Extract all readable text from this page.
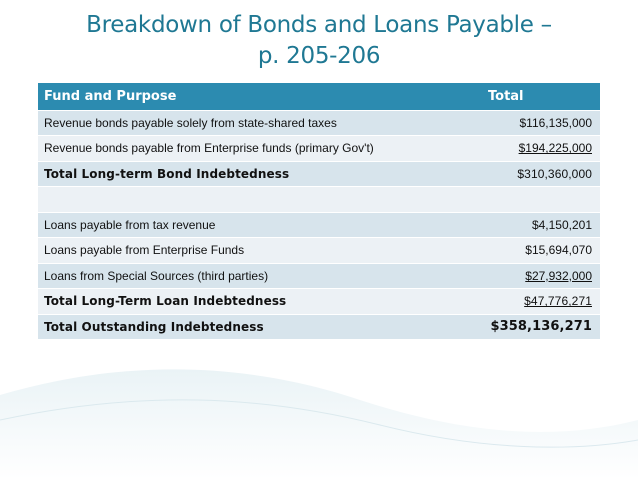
Breakdown of Bonds and Loans Payable –
p. 205-206
Fund and Purpose	Total
Revenue bonds payable solely from state-shared taxes	$116,135,000
Revenue bonds payable from Enterprise funds (primary Gov't)	$194,225,000
Total Long-term Bond Indebtedness	$310,360,000

Loans payable from tax revenue	$4,150,201
Loans payable from Enterprise Funds	$15,694,070
Loans from Special Sources (third parties)	$27,932,000
Total Long-Term Loan Indebtedness	$47,776,271
Total Outstanding Indebtedness	$358,136,271
